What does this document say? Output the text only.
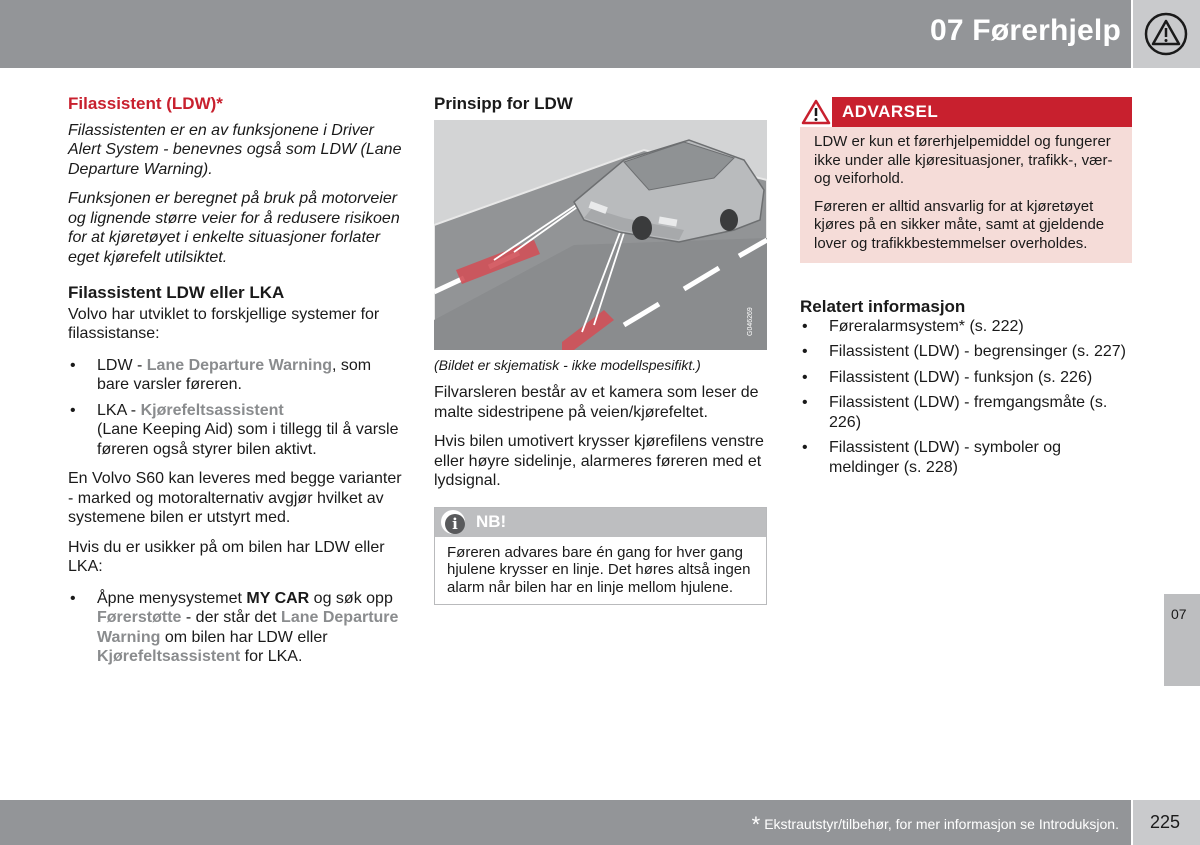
07 Førerhjelp
Filassistent (LDW)*

Filassistenten er en av funksjonene i Driver Alert System - benevnes også som LDW (Lane Departure Warning).

Funksjonen er beregnet på bruk på motorveier og lignende større veier for å redusere risikoen for at kjøretøyet i enkelte situasjoner forlater eget kjørefelt utilsiktet.

Filassistent LDW eller LKA

Volvo har utviklet to forskjellige systemer for filassistanse:

• LDW - Lane Departure Warning, som bare varsler føreren.
• LKA - Kjørefeltsassistent
(Lane Keeping Aid) som i tillegg til å varsle føreren også styrer bilen aktivt.

En Volvo S60 kan leveres med begge varianter - marked og motoralternativ avgjør hvilket av systemene bilen er utstyrt med.

Hvis du er usikker på om bilen har LDW eller LKA:

• Åpne menysystemet MY CAR og søk opp Førerstøtte - der står det Lane Departure Warning om bilen har LDW eller Kjørefeltsassistent for LKA.
Prinsipp for LDW
G046269

(Bildet er skjematisk - ikke modellspesifikt.)

Filvarsleren består av et kamera som leser de malte sidestripene på veien/kjørefeltet.

Hvis bilen umotivert krysser kjørefilens venstre eller høyre sidelinje, alarmeres føreren med et lydsignal.

i	NB!
Føreren advares bare én gang for hver gang hjulene krysser en linje. Det høres altså ingen alarm når bilen har en linje mellom hjulene.
ADVARSEL

LDW er kun et førerhjelpemiddel og fungerer ikke under alle kjøresituasjoner, trafikk-, vær- og veiforhold.

Føreren er alltid ansvarlig for at kjøretøyet kjøres på en sikker måte, samt at gjeldende lover og trafikkbestemmelser overholdes.

Relatert informasjon
• Føreralarmsystem* (s. 222)
• Filassistent (LDW) - begrensinger (s. 227)
• Filassistent (LDW) - funksjon (s. 226)
• Filassistent (LDW) - fremgangsmåte (s. 226)
• Filassistent (LDW) - symboler og meldinger (s. 228)
07
* Ekstrautstyr/tilbehør, for mer informasjon se Introduksjon. 225
